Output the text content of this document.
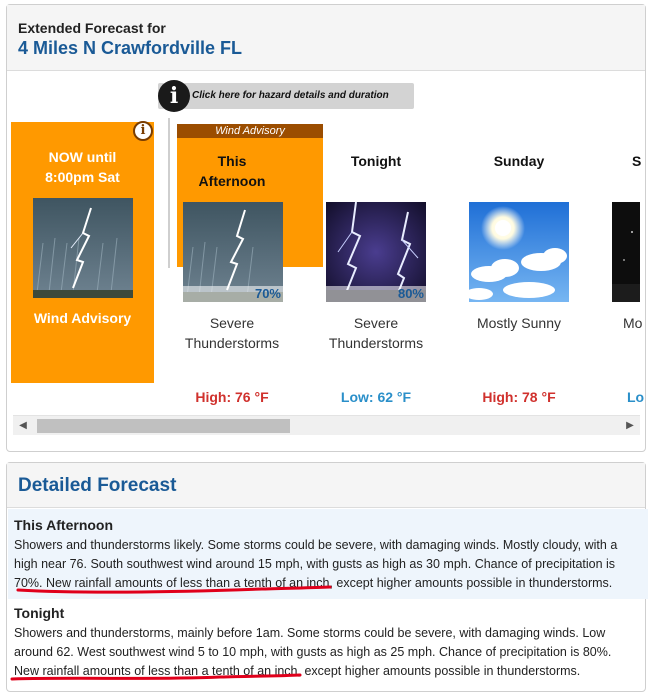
Extended Forecast for
4 Miles N Crawfordville FL
i	Click here for hazard details and duration
i
NOW until
8:00pm Sat
Wind Advisory
Wind Advisory
This
Afternoon
70%
Severe
Thunderstorms
High: 76 °F
Tonight
80%
Severe
Thunderstorms
Low: 62 °F
Sunday
Mostly Sunny
High: 78 °F
S
Mo
Lo
◀	▶
Detailed Forecast
This Afternoon
Showers and thunderstorms likely. Some storms could be severe, with damaging winds. Mostly cloudy, with a high near 76. South southwest wind around 15 mph, with gusts as high as 30 mph. Chance of precipitation is 70%. New rainfall amounts of less than a tenth of an inch, except higher amounts possible in thunderstorms.
Tonight
Showers and thunderstorms, mainly before 1am. Some storms could be severe, with damaging winds. Low around 62. West southwest wind 5 to 10 mph, with gusts as high as 25 mph. Chance of precipitation is 80%. New rainfall amounts of less than a tenth of an inch, except higher amounts possible in thunderstorms.
